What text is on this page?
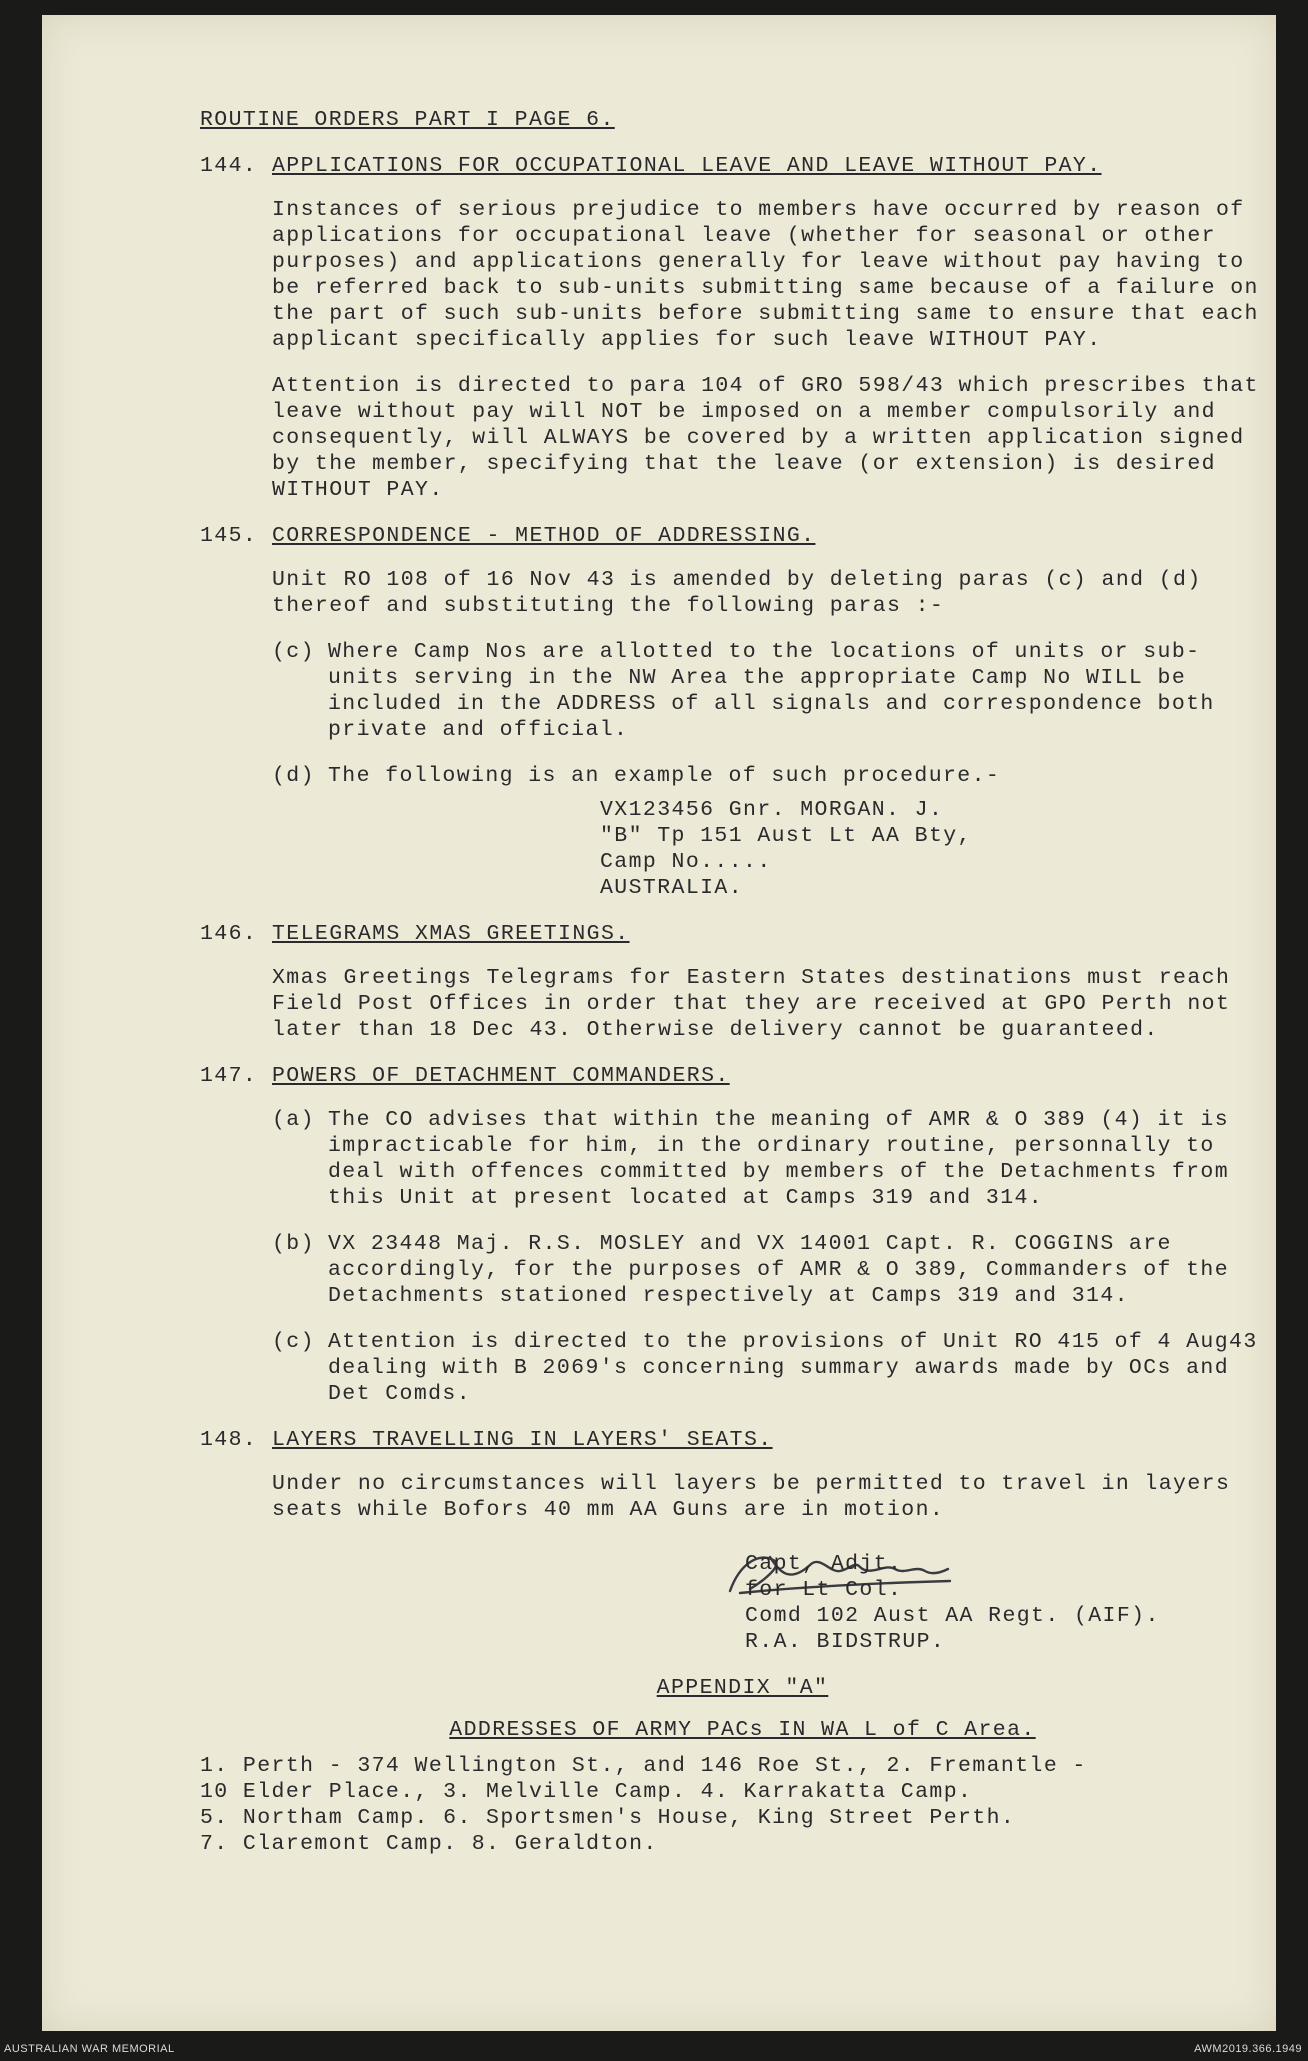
ROUTINE ORDERS PART I PAGE 6.
144. APPLICATIONS FOR OCCUPATIONAL LEAVE AND LEAVE WITHOUT PAY.

Instances of serious prejudice to members have occurred by reason of
applications for occupational leave (whether for seasonal or other
purposes) and applications generally for leave without pay having to
be referred back to sub-units submitting same because of a failure on
the part of such sub-units before submitting same to ensure that each
applicant specifically applies for such leave WITHOUT PAY.

Attention is directed to para 104 of GRO 598/43 which prescribes that
leave without pay will NOT be imposed on a member compulsorily and
consequently, will ALWAYS be covered by a written application signed
by the member, specifying that the leave (or extension) is desired
WITHOUT PAY.

145. CORRESPONDENCE - METHOD OF ADDRESSING.

Unit RO 108 of 16 Nov 43 is amended by deleting paras (c) and (d)
thereof and substituting the following paras :-

(c) Where Camp Nos are allotted to the locations of units or sub-
units serving in the NW Area the appropriate Camp No WILL be
included in the ADDRESS of all signals and correspondence both
private and official.
(d) The following is an example of such procedure.-
VX123456 Gnr. MORGAN. J.
"B" Tp 151 Aust Lt AA Bty,
Camp No.....
AUSTRALIA.
146. TELEGRAMS XMAS GREETINGS.

Xmas Greetings Telegrams for Eastern States destinations must reach
Field Post Offices in order that they are received at GPO Perth not
later than 18 Dec 43. Otherwise delivery cannot be guaranteed.

147. POWERS OF DETACHMENT COMMANDERS.
(a) The CO advises that within the meaning of AMR & O 389 (4) it is
impracticable for him, in the ordinary routine, personnally to
deal with offences committed by members of the Detachments from
this Unit at present located at Camps 319 and 314.
(b) VX 23448 Maj. R.S. MOSLEY and VX 14001 Capt. R. COGGINS are
accordingly, for the purposes of AMR & O 389, Commanders of the
Detachments stationed respectively at Camps 319 and 314.
(c) Attention is directed to the provisions of Unit RO 415 of 4 Aug43
dealing with B 2069's concerning summary awards made by OCs and
Det Comds.
148. LAYERS TRAVELLING IN LAYERS' SEATS.

Under no circumstances will layers be permitted to travel in layers
seats while Bofors 40 mm AA Guns are in motion.

Capt, Adjt.
for Lt Col.
Comd 102 Aust AA Regt. (AIF).
R.A. BIDSTRUP.
APPENDIX "A"
ADDRESSES OF ARMY PACs IN WA L of C Area.
1. Perth - 374 Wellington St., and 146 Roe St., 2. Fremantle -
10 Elder Place., 3. Melville Camp. 4. Karrakatta Camp.
5. Northam Camp. 6. Sportsmen's House, King Street Perth.
7. Claremont Camp. 8. Geraldton.
AUSTRALIAN WAR MEMORIAL	AWM2019.366.1949
